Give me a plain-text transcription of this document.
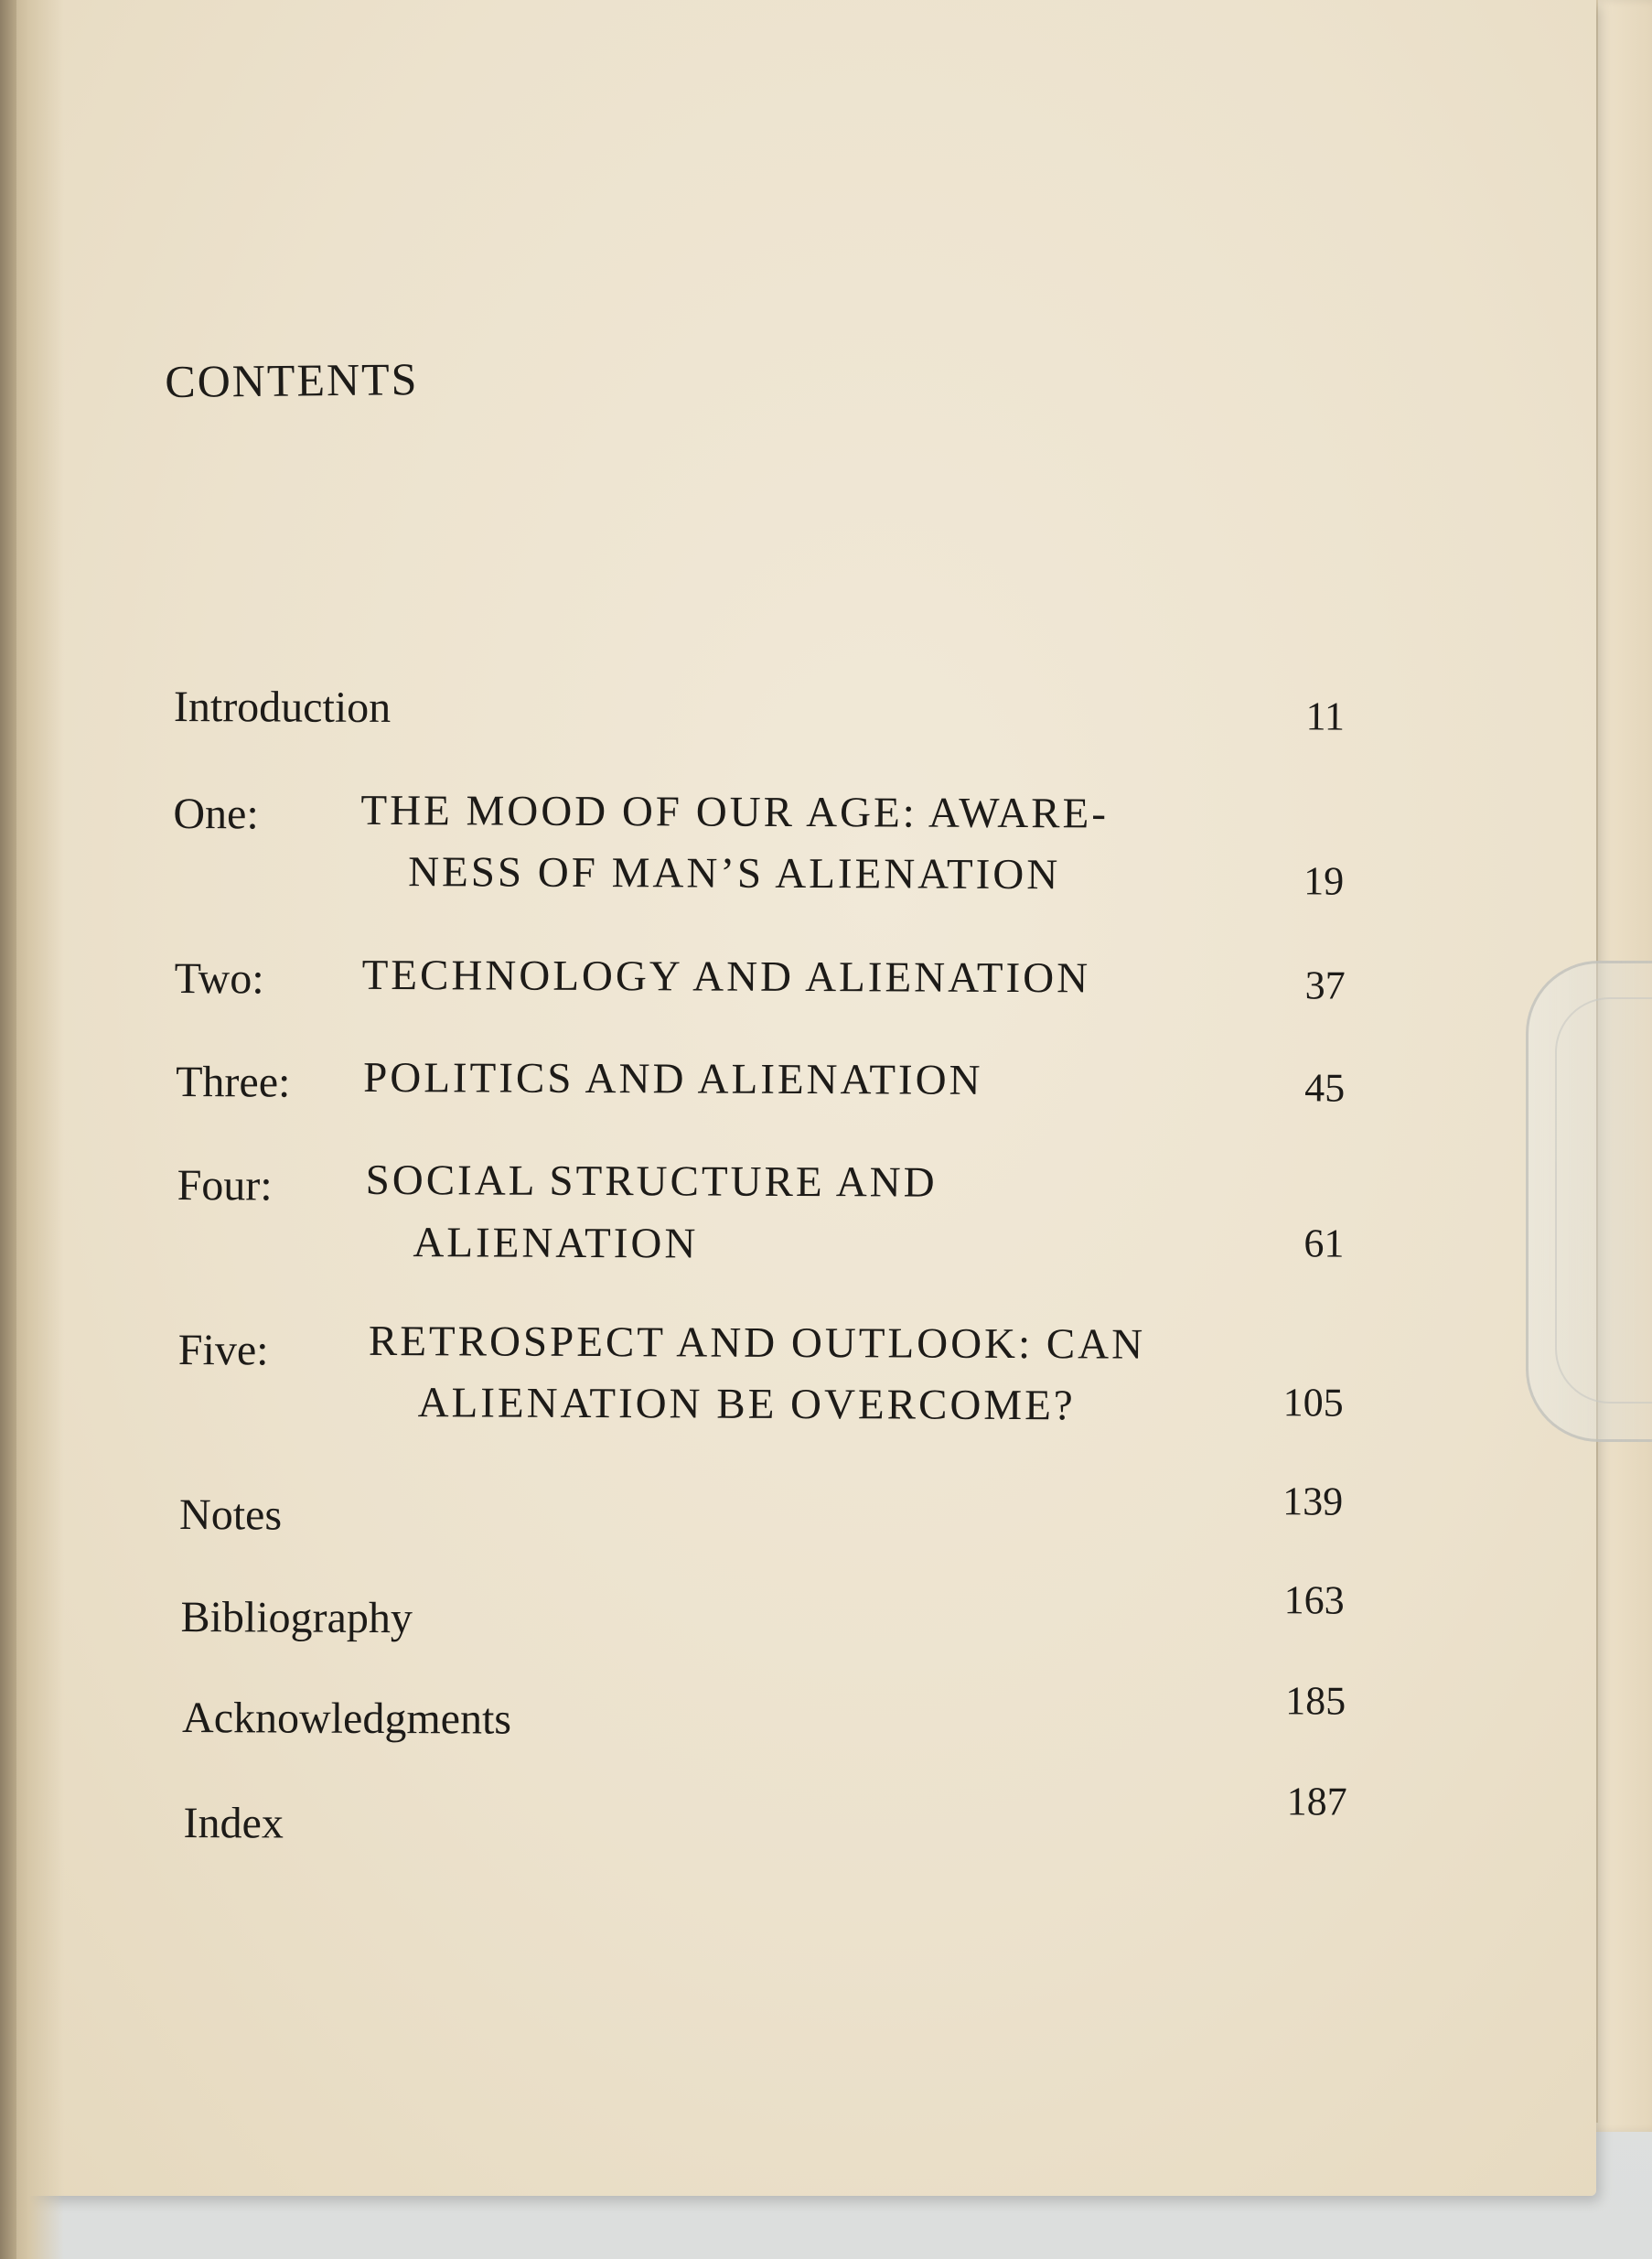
CONTENTS
Introduction	11
One: THE MOOD OF OUR AGE: AWARE-
NESS OF MAN’S ALIENATION	19
Two: TECHNOLOGY AND ALIENATION	37
Three: POLITICS AND ALIENATION	45
Four: SOCIAL STRUCTURE AND
ALIENATION	61
Five: RETROSPECT AND OUTLOOK: CAN
ALIENATION BE OVERCOME?	105
Notes	139
Bibliography	163
Acknowledgments	185
Index	187
